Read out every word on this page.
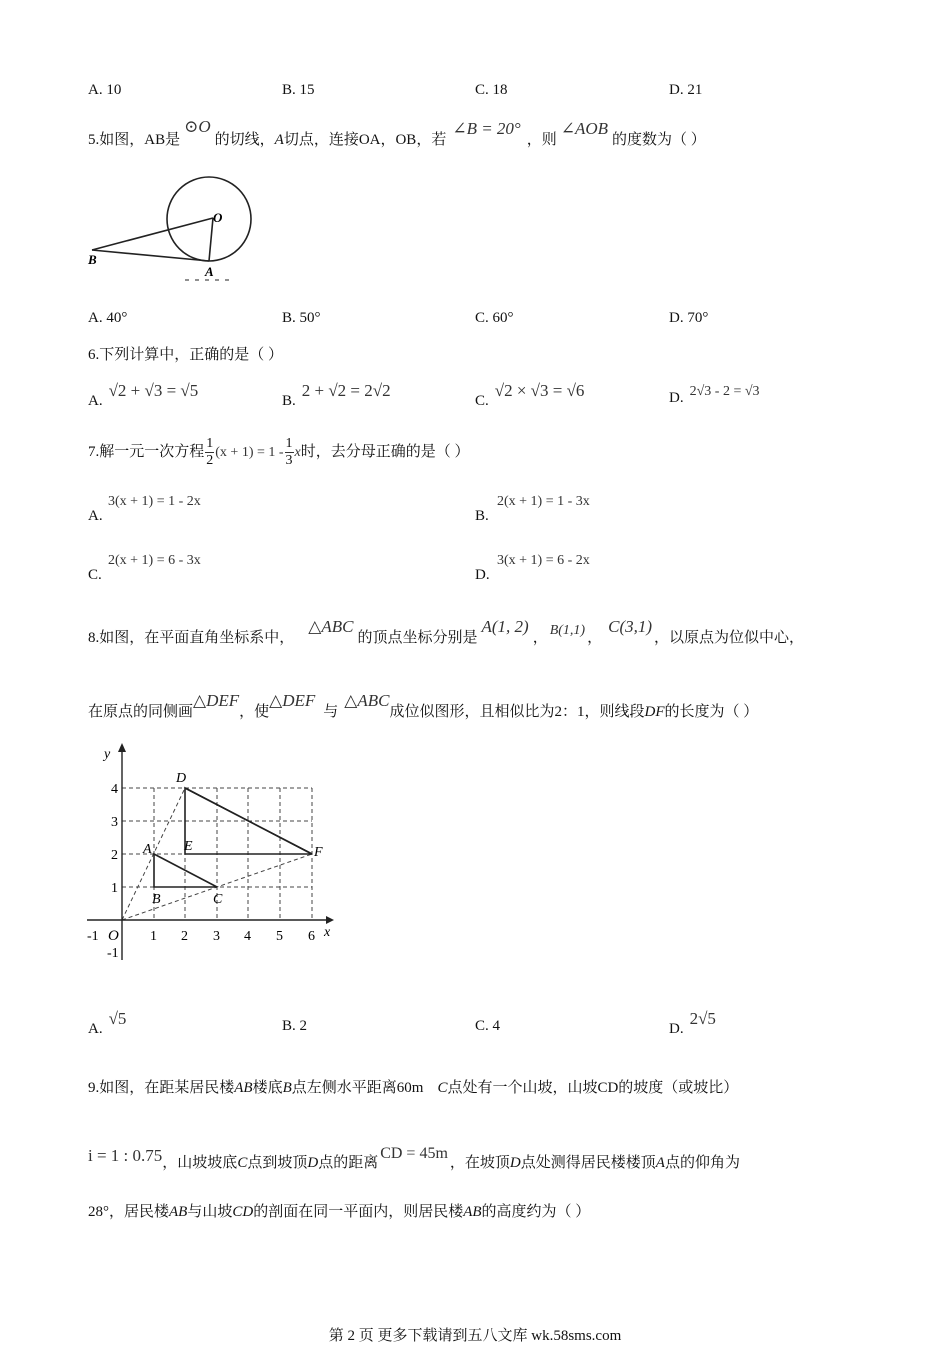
A. 10	B. 15	C. 18	D. 21
5.如图，AB是⊙O的切线，A切点，连接OA，OB，若∠B = 20°，则∠AOB的度数为（ ）
O
B
A
A. 40°	B. 50°	C. 60°	D. 70°
6.下列计算中，正确的是（ ）
A.√2 + √3 = √5
B.2 + √2 = 2√2
C.√2 × √3 = √6	D. 2√3 - 2 = √3
7.解一元一次方程 $\frac{1}{2} (x + 1) = 1 - \frac{1}{3}$ x时，去分母正确的是（ ）
3(x + 1) = 1 - 2x
A.
2(x + 1) = 1 - 3x
B.
2(x + 1) = 6 - 3x
C.
3(x + 1) = 6 - 2x
D.
8.如图，在平面直角坐标系中，△ABC的顶点坐标分别是A(1, 2)， B(1,1) ，C(3,1)，以原点为位似中心，
在原点的同侧画△DEF，使△DEF与△ABC成位似图形，且相似比为2：1，则线段DF的长度为（ ）
y
x
O
-1	1 2 3 4 5 6
1
2
3
4
-1
A
B	C
D
E	F
A.√5	B. 2	C. 4	D.2√5
9.如图，在距某居民楼AB楼底B点左侧水平距离60m C点处有一个山坡，山坡CD的坡度（或坡比）
i = 1 : 0.75，山坡坡底C点到坡顶D点的距离CD = 45m，在坡顶D点处测得居民楼楼顶A点的仰角为
28°，居民楼AB与山坡CD的剖面在同一平面内，则居民楼AB的高度约为（ ）
第 2 页 更多下载请到五八文库 wk.58sms.com
